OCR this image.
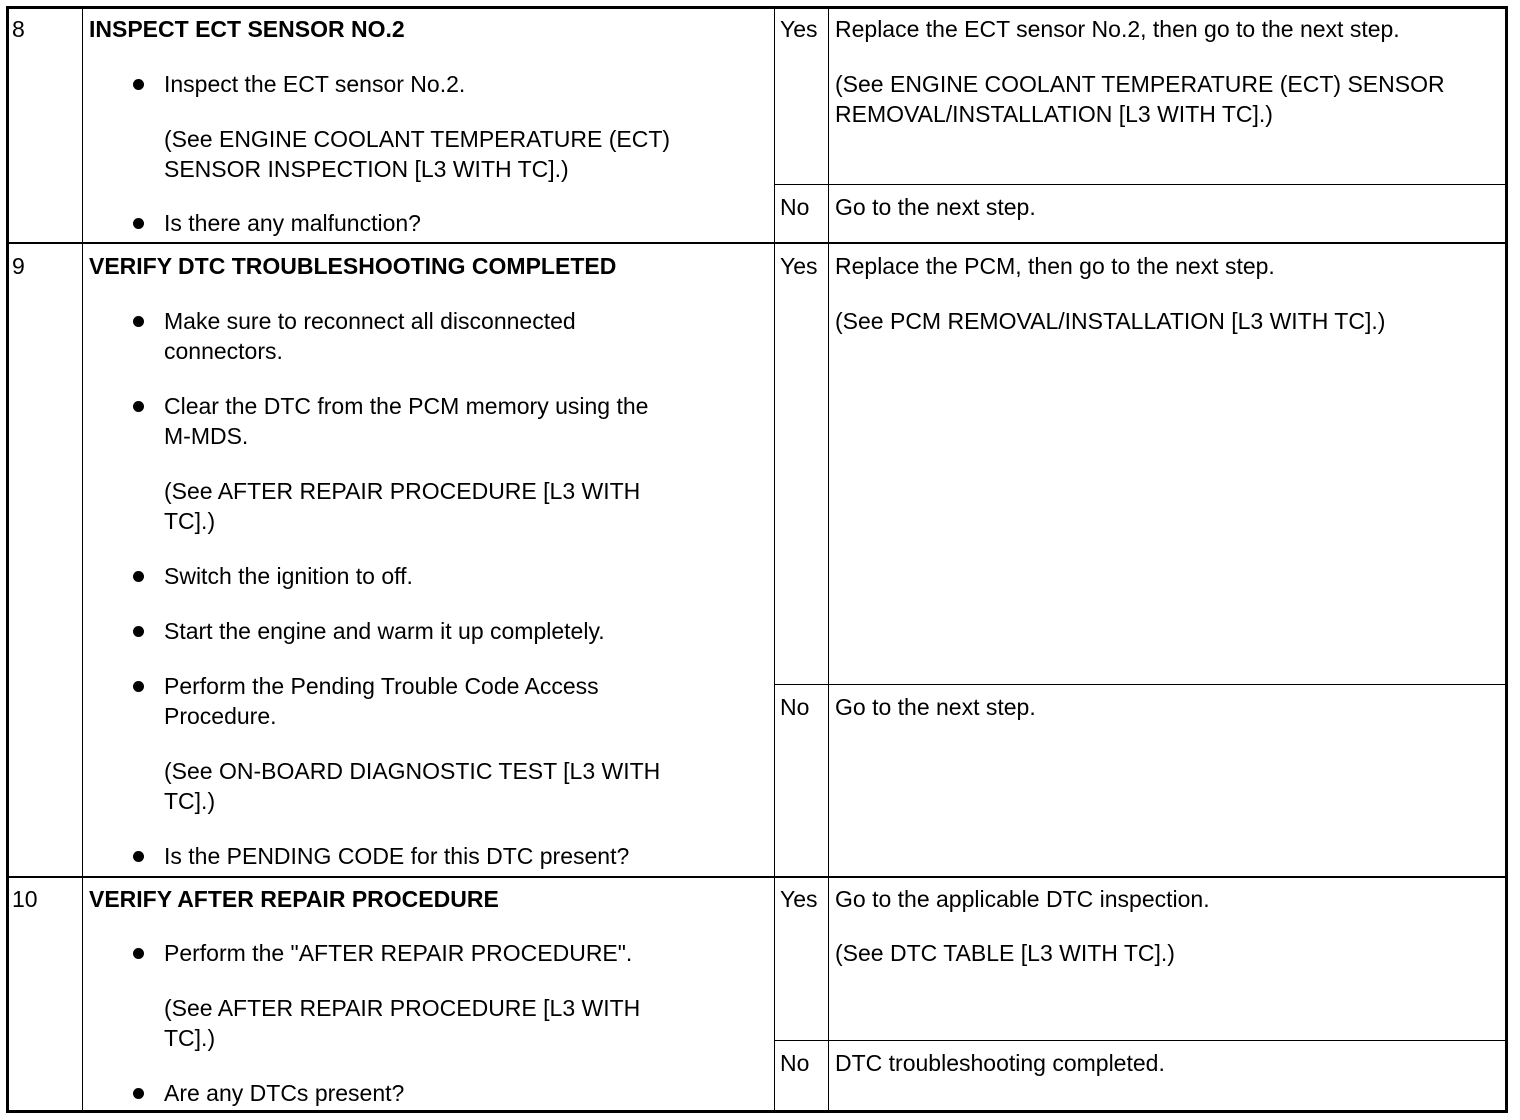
8	INSPECT ECT SENSOR NO.2

Inspect the ECT sensor No.2.

(See ENGINE COOLANT TEMPERATURE (ECT)

SENSOR INSPECTION [L3 WITH TC].)

Is there any malfunction?

Yes Replace the ECT sensor No.2, then go to the next step.

(See ENGINE COOLANT TEMPERATURE (ECT) SENSOR

REMOVAL/INSTALLATION [L3 WITH TC].)

No Go to the next step.

9	VERIFY DTC TROUBLESHOOTING COMPLETED

Make sure to reconnect all disconnected

connectors.

Clear the DTC from the PCM memory using the

M-MDS.

(See AFTER REPAIR PROCEDURE [L3 WITH

TC].)

Switch the ignition to off.

Start the engine and warm it up completely.

Perform the Pending Trouble Code Access

Procedure.

(See ON-BOARD DIAGNOSTIC TEST [L3 WITH

TC].)

Is the PENDING CODE for this DTC present?

Yes Replace the PCM, then go to the next step.

(See PCM REMOVAL/INSTALLATION [L3 WITH TC].)

No Go to the next step.

10 VERIFY AFTER REPAIR PROCEDURE

Perform the "AFTER REPAIR PROCEDURE".

(See AFTER REPAIR PROCEDURE [L3 WITH

TC].)

Are any DTCs present?

Yes Go to the applicable DTC inspection.

(See DTC TABLE [L3 WITH TC].)

No DTC troubleshooting completed.
